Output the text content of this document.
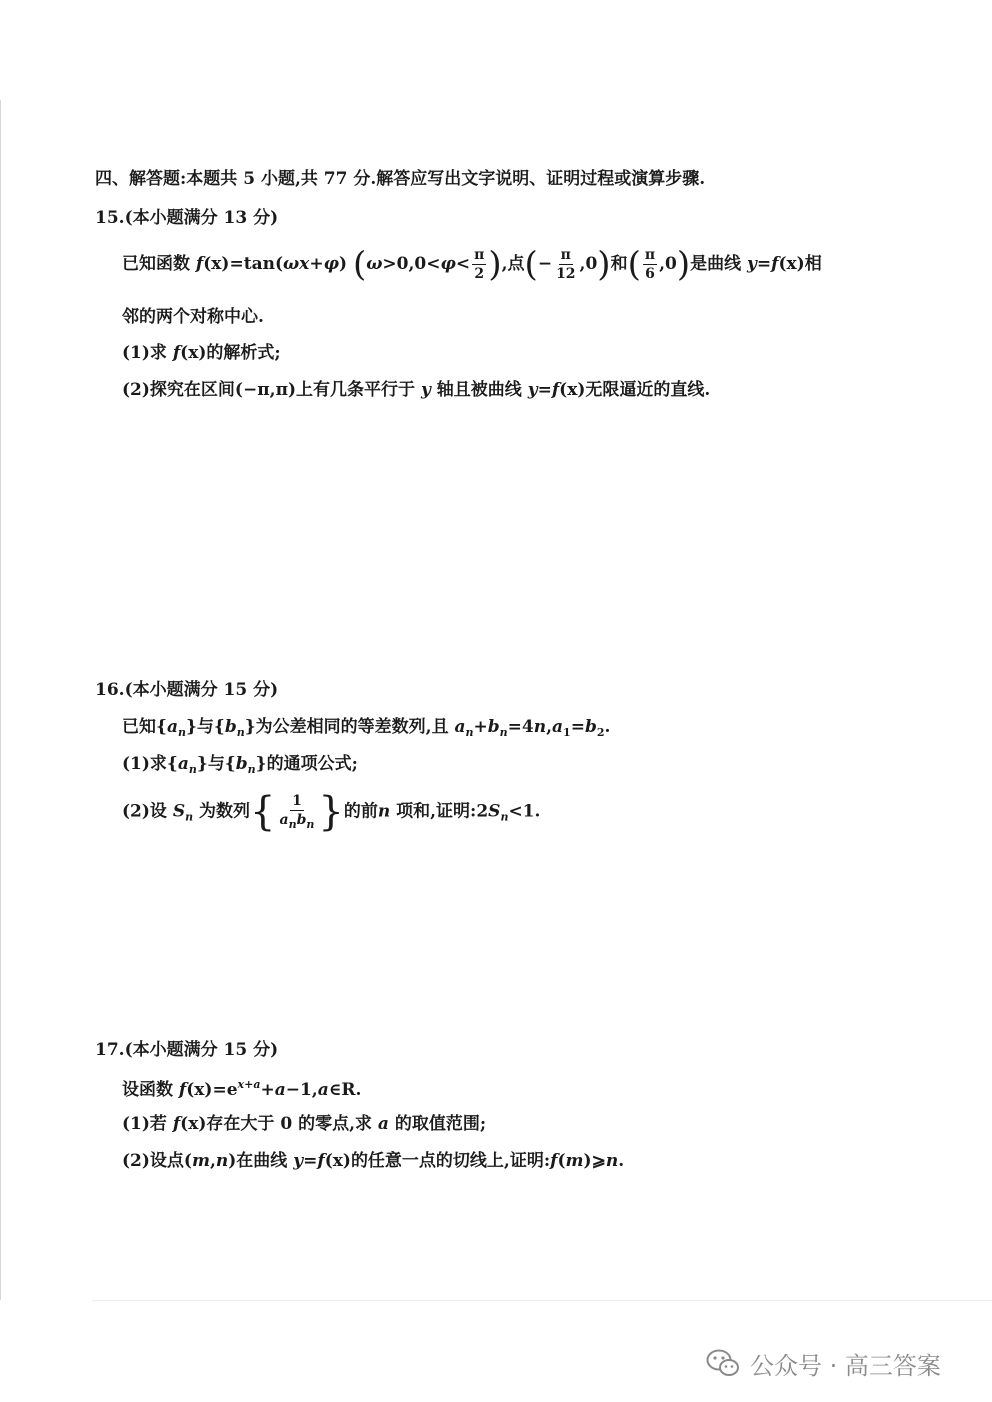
四、解答题:本题共 5 小题,共 77 分.解答应写出文字说明、证明过程或演算步骤.
15.(本小题满分 13 分)
已知函数 f(x)=tan(ωx+φ) ($\omega>0,0<\varphi< \frac{\pi}{2}$ ),点(− $\frac{\pi}{12} ,0$)和( $\frac{\pi}{6} ,0$)是曲线 y=f(x)相
邻的两个对称中心.
(1)求 f(x)的解析式;
(2)探究在区间(−π,π)上有几条平行于 y 轴且被曲线 y=f(x)无限逼近的直线.
16.(本小题满分 15 分)
已知$\{a_n\}$与$\{b_n\}$为公差相同的等差数列,且 $a_n+b_n=4n,a_1=b_2$.
(1)求$\{a_n\}$与$\{b_n\}$的通项公式;
(2)设 $S_n$ 为数列{ $\frac{1}{a_nb_n}$ }的前n 项和,证明$:2S_n<1$.
17.(本小题满分 15 分)
设函数 $f(x)=e^{x+a}+a-1,a\in R$.
(1)若 f(x)存在大于 0 的零点,求 a 的取值范围;
(2)设点(m,n)在曲线 y=f(x)的任意一点的切线上,证明:f(m)⩾n.
公众号 · 高三答案
